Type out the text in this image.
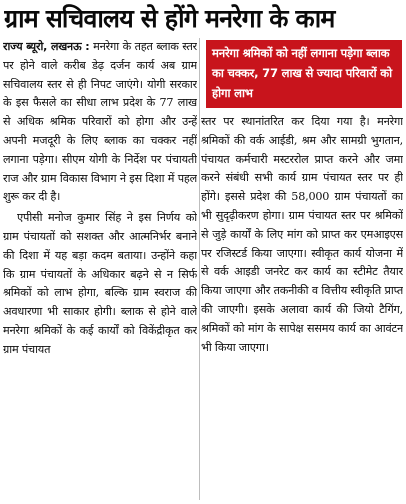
ग्राम सचिवालय से होंगे मनरेगा के काम

राज्य ब्यूरो, लखनऊ : मनरेगा के तहत ब्लाक स्तर पर होने वाले करीब डेढ़ दर्जन कार्य अब ग्राम सचिवालय स्तर से ही निपट जाएंगे। योगी सरकार के इस फैसले का सीधा लाभ प्रदेश के 77 लाख से अधिक श्रमिक परिवारों को होगा और उन्हें अपनी मजदूरी के लिए ब्लाक का चक्कर नहीं लगाना पड़ेगा। सीएम योगी के निर्देश पर पंचायती राज और ग्राम विकास विभाग ने इस दिशा में पहल शुरू कर दी है।

एपीसी मनोज कुमार सिंह ने इस निर्णय को ग्राम पंचायतों को सशक्त और आत्मनिर्भर बनाने की दिशा में यह बड़ा कदम बताया। उन्होंने कहा कि ग्राम पंचायतों के अधिकार बढ़ने से न सिर्फ श्रमिकों को लाभ होगा, बल्कि ग्राम स्वराज की अवधारणा भी साकार होगी। ब्लाक से होने वाले मनरेगा श्रमिकों के कई कार्यों को विकेंद्रीकृत कर ग्राम पंचायत

मनरेगा श्रमिकों को नहीं लगाना पड़ेगा ब्लाक का चक्कर, 77 लाख से ज्यादा परिवारों को होगा लाभ

स्तर पर स्थानांतरित कर दिया गया है। मनरेगा श्रमिकों की वर्क आईडी, श्रम और सामग्री भुगतान, पंचायत कर्मचारी मस्टररोल प्राप्त करने और जमा करने संबंधी सभी कार्य ग्राम पंचायत स्तर पर ही होंगे। इससे प्रदेश की 58,000 ग्राम पंचायतों का भी सुदृढ़ीकरण होगा। ग्राम पंचायत स्तर पर श्रमिकों से जुड़े कार्यों के लिए मांग को प्राप्त कर एमआइएस पर रजिस्टर्ड किया जाएगा। स्वीकृत कार्य योजना में से वर्क आइडी जनरेट कर कार्य का स्टीमेट तैयार किया जाएगा और तकनीकी व वित्तीय स्वीकृति प्राप्त की जाएगी। इसके अलावा कार्य की जियो टैगिंग, श्रमिकों को मांग के सापेक्ष ससमय कार्य का आवंटन भी किया जाएगा।
